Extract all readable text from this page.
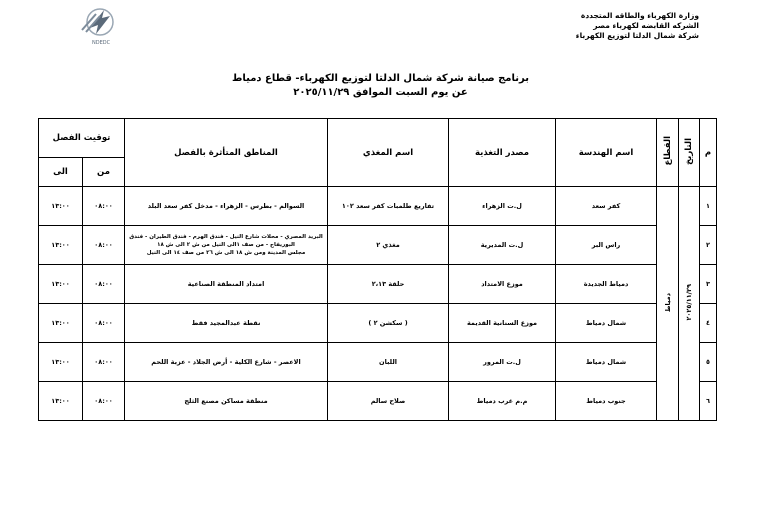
وزارة الكهرباء والطاقه المتجددة
الشركه القابضه لكهرباء مصر
شركة شمال الدلتا لتوزيع الكهرباء
NDEDC
برنامج صيانة شركة شمال الدلتا لتوزيع الكهرباء- قطاع دمياط
عن يوم السبت الموافق ٢٠٢٥/١١/٢٩
م	التاريخ	القطاع	اسم الهندسة	مصدر التغذية	اسم المغذي	المناطق المتأثرة بالفصل	توقيت الفصل	
							من	الى
١	٢٠٢٥/١١/٢٩	دمياط	كفر سعد	ل.ت الزهراء	تفاريع طلمبات كفر سعد ١٠٢	السوالم - بطرس - الزهراء - مدخل كفر سعد البلد	٠٨:٠٠	١٣:٠٠
٢			راس البر	ل.ت المديرية	مغذي ٢	البريد المصري - محلات شارع النيل - فندق الهرم - فندق الطيران - فندق
البوريفاج - من صف ١الى النيل من ش ٢ الى ش ١٨
مجلس المدينة ومن ش ١٨ الى ش ٢٦ من صف ١٤ الى النيل	٠٨:٠٠	١٣:٠٠
٣			دمياط الجديدة	موزع الامتداد	حلقة ٢،١٣	امتداد المنطقة الصناعية	٠٨:٠٠	١٣:٠٠
٤			شمال دمياط	موزع السنانية القديمة	( سكشن ٢ )	نقطة عبدالمجيد فقط	٠٨:٠٠	١٣:٠٠
٥			شمال دمياط	ل.ت المرور	اللبان	الاعصر - شارع الكلية - أرض الجلاد - عزبة اللحم	٠٨:٠٠	١٣:٠٠
٦			جنوب دمياط	م.م غرب دمياط	صلاح سالم	منطقة مساكن مصنع الثلج	٠٨:٠٠	١٣:٠٠
